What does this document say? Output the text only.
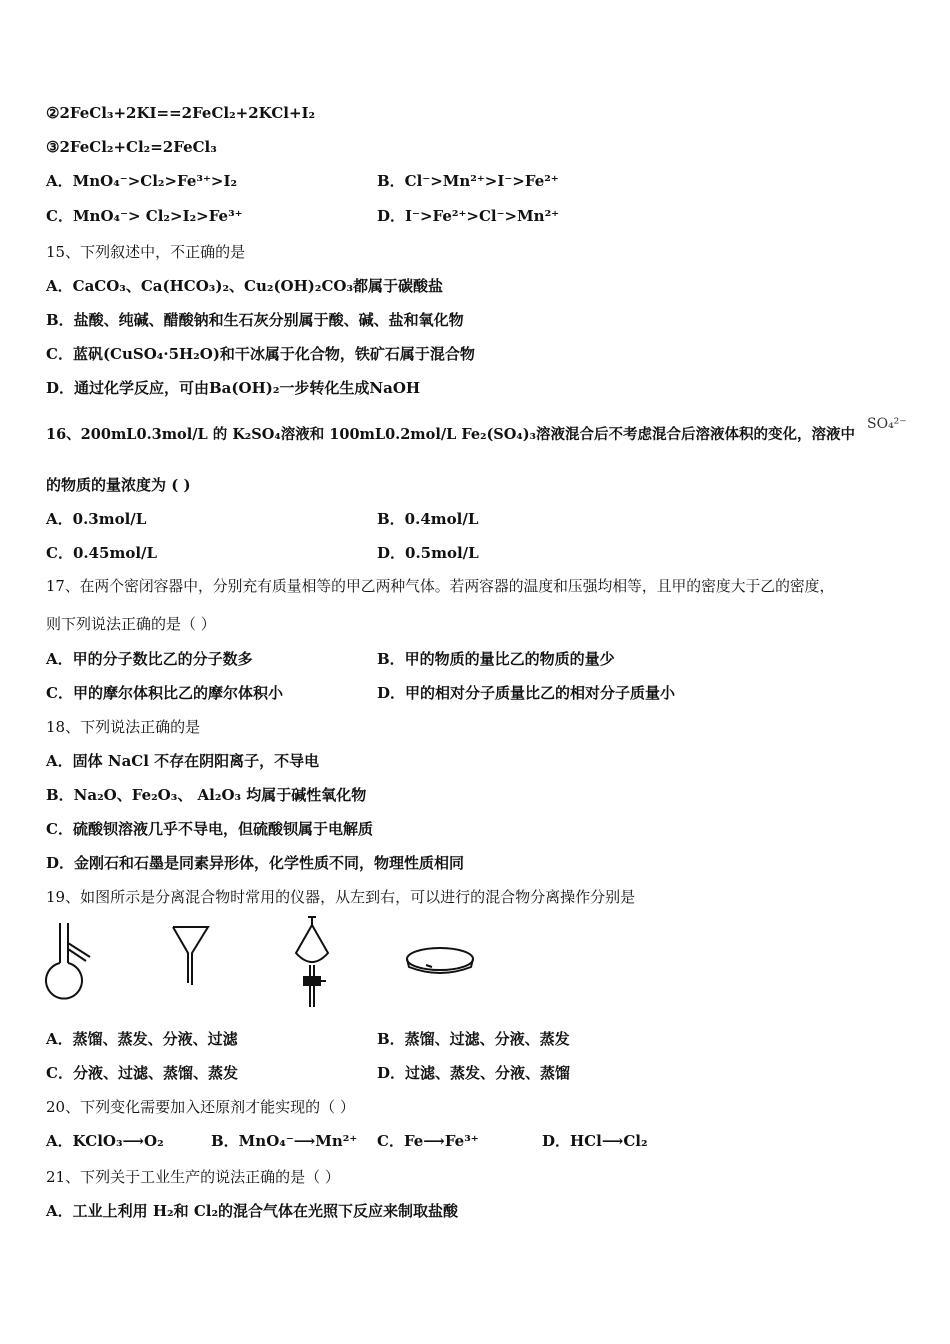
②2FeCl₃+2KI==2FeCl₂+2KCl+I₂
③2FeCl₂+Cl₂=2FeCl₃
A．MnO₄⁻>Cl₂>Fe³⁺>I₂	B．Cl⁻>Mn²⁺>I⁻>Fe²⁺
C．MnO₄⁻> Cl₂>I₂>Fe³⁺	D．I⁻>Fe²⁺>Cl⁻>Mn²⁺
15、下列叙述中，不正确的是
A．CaCO₃、Ca(HCO₃)₂、Cu₂(OH)₂CO₃都属于碳酸盐
B．盐酸、纯碱、醋酸钠和生石灰分别属于酸、碱、盐和氧化物
C．蓝矾(CuSO₄·5H₂O)和干冰属于化合物，铁矿石属于混合物
D．通过化学反应，可由Ba(OH)₂一步转化生成NaOH
16、200mL0.3mol/L 的 K₂SO₄溶液和 100mL0.2mol/L Fe₂(SO₄)₃溶液混合后不考虑混合后溶液体积的变化，溶液中
SO₄²⁻
的物质的量浓度为 ( )
A．0.3mol/L	B．0.4mol/L
C．0.45mol/L	D．0.5mol/L
17、在两个密闭容器中，分别充有质量相等的甲乙两种气体。若两容器的温度和压强均相等，且甲的密度大于乙的密度，
则下列说法正确的是（ ）
A．甲的分子数比乙的分子数多	B．甲的物质的量比乙的物质的量少
C．甲的摩尔体积比乙的摩尔体积小	D．甲的相对分子质量比乙的相对分子质量小
18、下列说法正确的是
A．固体 NaCl 不存在阴阳离子，不导电
B．Na₂O、Fe₂O₃、 Al₂O₃ 均属于碱性氧化物
C．硫酸钡溶液几乎不导电，但硫酸钡属于电解质
D．金刚石和石墨是同素异形体，化学性质不同，物理性质相同
19、如图所示是分离混合物时常用的仪器，从左到右，可以进行的混合物分离操作分别是
A．蒸馏、蒸发、分液、过滤	B．蒸馏、过滤、分液、蒸发
C．分液、过滤、蒸馏、蒸发	D．过滤、蒸发、分液、蒸馏
20、下列变化需要加入还原剂才能实现的（ ）
A．KClO₃⟶O₂	B．MnO₄⁻⟶Mn²⁺ C．Fe⟶Fe³⁺	D．HCl⟶Cl₂
21、下列关于工业生产的说法正确的是（ ）
A．工业上利用 H₂和 Cl₂的混合气体在光照下反应来制取盐酸
